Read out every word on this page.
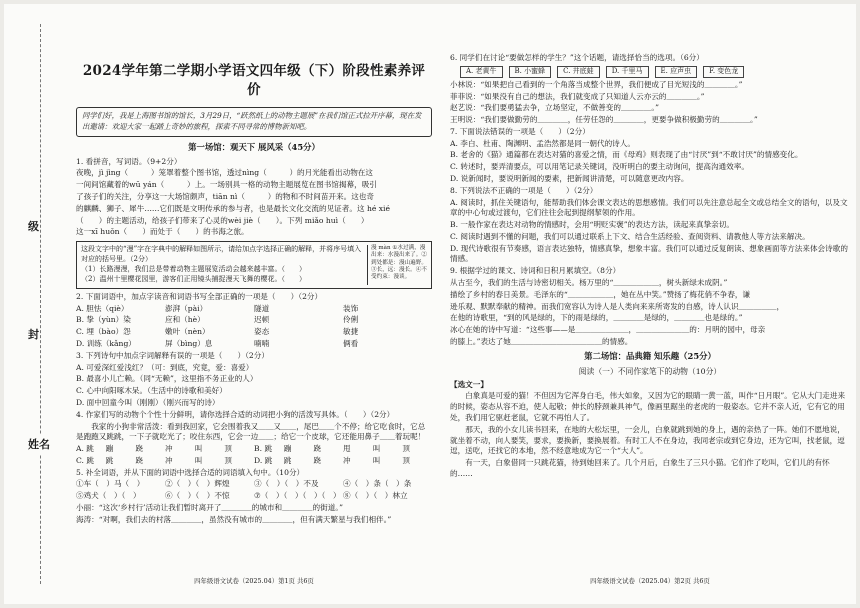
级
封
姓名
2024学年第二学期小学语文四年级（下）阶段性素养评价
同学们好，我是上海图书馆的馆长，3月29日，“跃然纸上的动物主题展”在我们馆正式拉开序幕，现在发出邀请：欢迎大家一起踏上奇妙的旅程，探索不同寻常的博物新知吧。
第一场馆：观天下 展风采（45分）
1. 看拼音，写词语。（9+2分）
夜晚，jì jìng（　　　）笼罩着整个图书馆，透过nìng（　　　）的月光能看出动物在这
一间间馆藏着的wū yán（　　　）上。一场别具一格的动物主题展览在图书馆揭幕，吸引
了孩子们的关注，分享这一大场馆颇声，tiān nì（　　　）的物和不时间苗开来。这也奇
的麒麟、狮子、犀牛……它们既是文明传承的参与者，也是最长文化交流的见证者。这 hé xié
（　　）的主题活动，给孩子们带来了心灵的wèi jiè（　　）。下列 miǎo huì（　　）
这一xī huǒn（　　）而处于（　　）的书海之旅。
这段文字中的“漫”字在字典中的解释如图所示，请给加点字选择正确的解释，并将序号填入对应的括号里。（2分）
（1）长路漫漫，我们总是带着动物主题展览活动会越来越丰富。（　　）
（2）温州十里樱花园里，游客们正用镜头捕捉漫天飞舞的樱花。（　　）
漫 màn ①水过满，漫出来：水漫出来了。②到处都是：漫山遍野。③长，远：漫长。④不受约束：漫谈。
2. 下面词语中，加点字读音和词语书写全部正确的一项是（　　）（2分）
A. 胆怯（qiè）	澎湃（pài）	隧道	装饰
B. 挚（yùn）染	应和（hè）	迟顿	伶俐
C. 埋（bào）怨	嫩叶（nèn）	姿态	敏捷
D. 训练（kǎng）	屏（bìng）息	喃喃	俩看
3. 下列诗句中加点字词解释有误的一项是（　　）（2分）
A. 可爱深红爱浅红？（可：到底，究竟，爱：喜爱）
B. 最喜小儿亡赖。（同“无赖”，这里指不务正业的人）
C. 心中向阳啄木呆。（生活中的诗歌和美好）
D. 面中回童今叫（刚刚）（刚兴而写的诗）
4. 作家们写的动物个个性十分鲜明，请你选择合适的动词把小狗的活泼写具体。（　　）（2分）
我家的小狗非常活泼：看到我回家，它会围着我又＿＿又＿＿，尾巴＿＿个不停；给它吃食时，它总是跑跑又跳跳，一下子就吃光了；咬住东西，它会一边＿＿；给它一个皮球，它还能用鼻子＿＿着玩呢！
A. 跳	蹦	跷	冲	叫	顶	B. 跳	蹦	跷	甩	叫	顶
C. 跳	跳	跷	冲	叫	顶	D. 跳	跳	跷	冲	叫	顶
5. 补全词语，并从下面的词语中选择合适的词语填入句中。（10分）
①车（　）马（　）	②（　）（　）辉煌	③（　）（　）不及	④（　）条（　）条
⑤鸡犬（　）（　）	⑥（　）（　）不惊	⑦（　）（　）（　）（　） ⑧（　）（　）林立
小丽：“这次‘乡村行’活动让我们暂时离开了＿＿＿＿的城市和＿＿＿＿的街道。”
海涛：“对啊，我们去的村落＿＿＿＿，虽然没有城市的＿＿＿＿，但有满天繁星与我们相伴。”
四年级语文试卷（2025.04）第1页 共6页
6. 同学们在讨论“要做怎样的学生？”这个话题，请选择恰当的选项。（6分）
A. 老黄牛	B. 小蜜蜂	C. 井底蛙	D. 千里马	E. 应声虫	F. 变色龙
小林说：“如果把自己看到的一个角落当成整个世界，我们便成了目光短浅的＿＿＿＿。”
菲菲说：“如果没有自己的想法，我们就变成了只知道人云亦云的＿＿＿＿。”
赵艺说：“我们要勇猛去争，立场坚定，不做善变的＿＿＿＿。”
王明说：“我们要做勤劳的＿＿＿＿，任劳任怨的＿＿＿＿，更要争做积极勤劳的＿＿＿＿。”
7. 下面说法错误的一项是（　　）（2分）
A. 李白、杜甫、陶渊明、孟浩然都是同一朝代的诗人。
B. 老舍的《猫》通篇都在表达对猫的喜爱之情，而《母鸡》则表现了由“讨厌”到“不敢讨厌”的情感变化。
C. 转述时，要弄清要点，可以用笔记录关键词，没听明白的要主动询问，提高沟通效率。
D. 说新闻时，要说明新闻的要素，把新闻讲清楚，可以随意更改内容。
8. 下列说法不正确的一项是（　　）（2分）
A. 阅读时，抓住关键语句，能帮助我们体会课文表达的思想感情。我们可以先注意总起全文或总结全文的语句，以及文章的中心句或过渡句，它们往往会起到提纲挈领的作用。
B. 一般作家在表达对动物的情感时，会用“明贬实褒”的表达方法，读起来真挚亲切。
C. 阅读时遇到不懂的问题，我们可以通过联系上下文、结合生活经验、查阅资料、请教他人等方法来解决。
D. 现代诗歌很有节奏感，语言表达独特，情感真挚，想象丰富。我们可以通过反复朗读、想象画面等方法来体会诗歌的情感。
9. 根据学过的课文、诗词和日积月累填空。（8分）
从古至今，我们的生活与诗密切相关。杨万里的“＿＿＿＿＿＿，树头新绿未成阴。”
描绘了乡村的春日美景。毛泽东的“＿＿＿＿＿＿，她在丛中笑。”赞扬了梅花俏不争春，谦
逊乐观、默默奉献的精神。而我们宽容认为诗人是人类向来来所寄发的自感，诗人认识＿＿＿＿＿，
在他的诗歌里，“到的风是绿的，下的雨是绿的，＿＿＿＿是绿的，＿＿＿＿也是绿的。”
冰心在她的诗中写道：“这些事——是＿＿＿＿＿＿＿，＿＿＿＿＿＿＿的：月明的园中，母亲
的膝上。”表达了她＿＿＿＿＿＿＿＿＿＿＿＿的情感。
第二场馆：品典籍 知乐趣（25分）
阅读（一）不同作家笔下的动物（10分）
【选文一】
白象真是可爱的猫！不但因为它浑身白毛，伟大如象，又因为它的眼睛一黄一蓝，叫作“日月眼”。它从大门走进来的时候，姿态从容不迫，使人起敬；伸长的脖颈兼具神气，像画里踞坐的老虎的一般姿态。它并不亲人近，它有它的用处，我们用它驱赶老鼠，它就不再怕人了。
那天，我的小女儿读书回来，在地的大松坛里，一会儿，白象就跳到她的身上，遇的亲热了一阵。她们不愿地说，就坐着不动，向人要笑，要求，要换新，要换展着。有时工人不在身边，我同老宗或到它身边，还为它叫，找老鼠，逗逗，送吃，还找它的本地，然不经意地成为它一个“大人”。
有一天，白象借同一只跳花猫，待到她回来了。几个月后，白象生了三只小猫。它们作了吃叫，它们儿的有怀的……
四年级语文试卷（2025.04）第2页 共6页
